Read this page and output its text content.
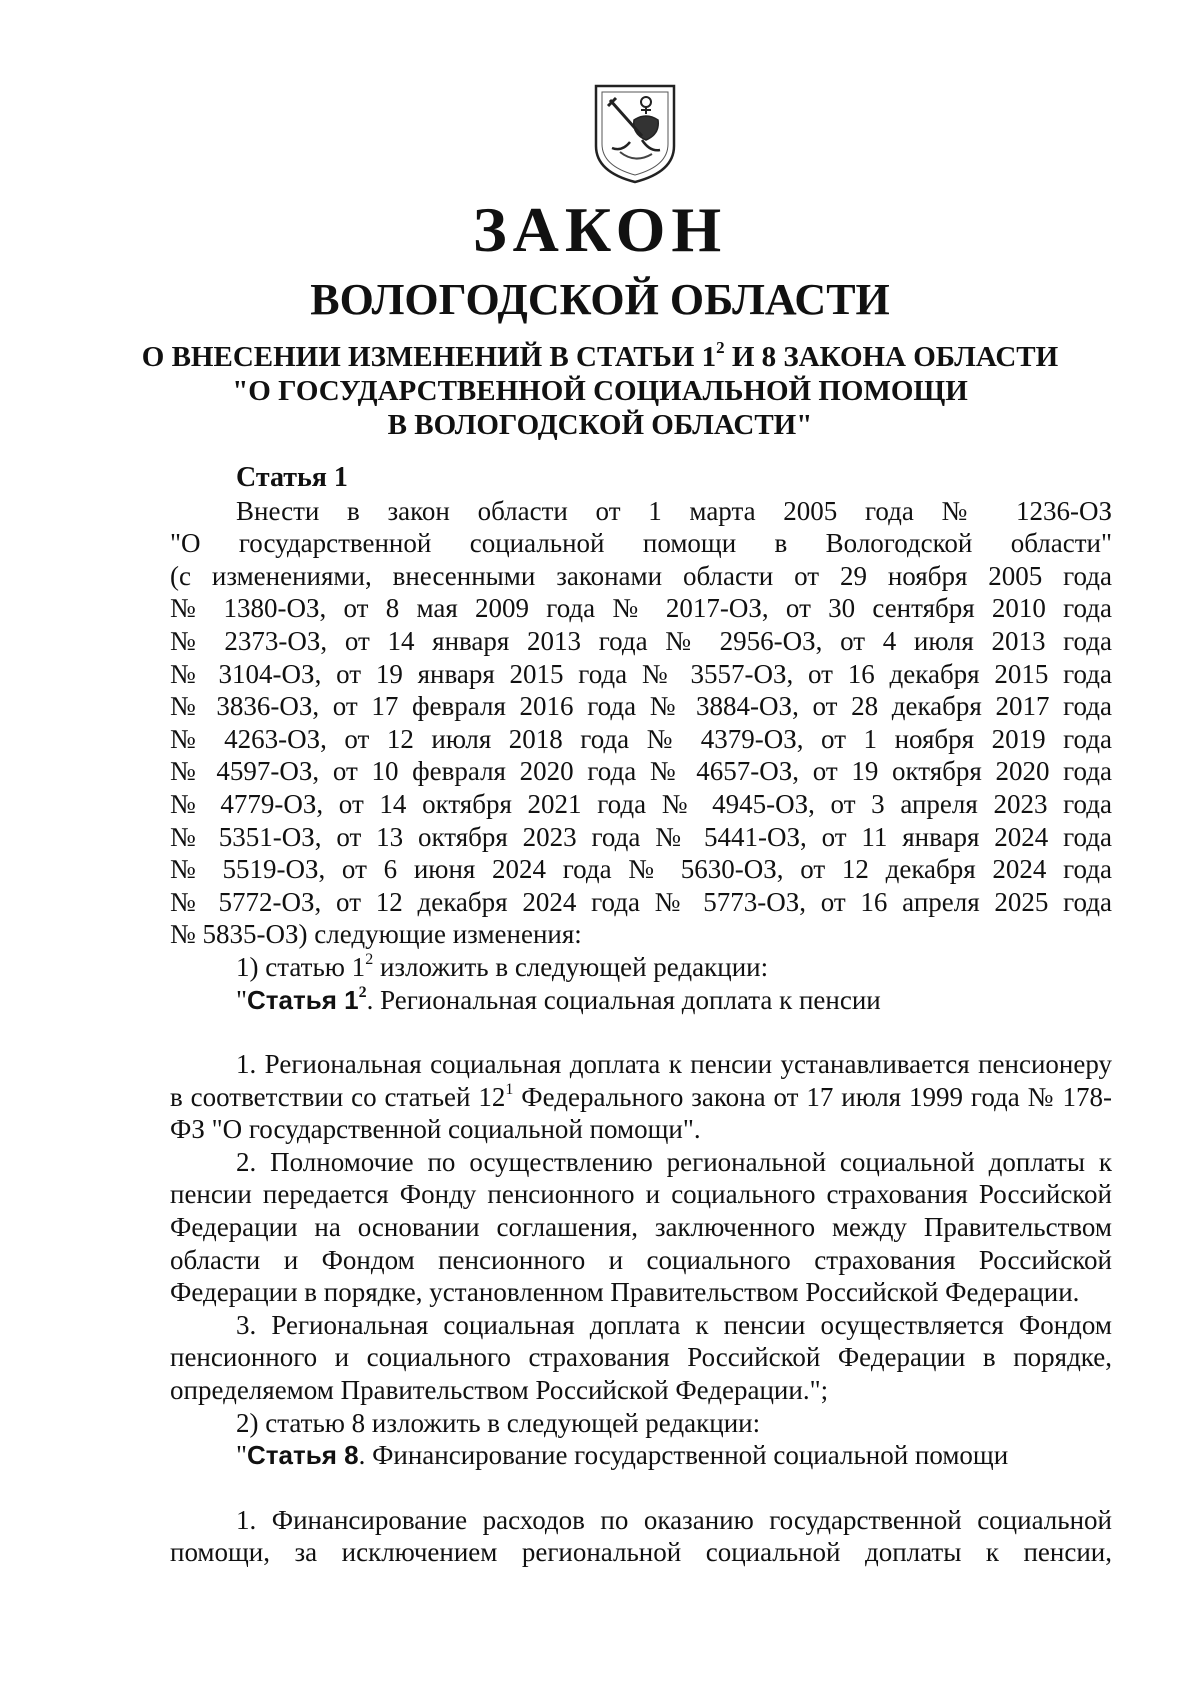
ЗАКОН
ВОЛОГОДСКОЙ ОБЛАСТИ
О ВНЕСЕНИИ ИЗМЕНЕНИЙ В СТАТЬИ $1^2$ И 8 ЗАКОНА ОБЛАСТИ
"О ГОСУДАРСТВЕННОЙ СОЦИАЛЬНОЙ ПОМОЩИ
В ВОЛОГОДСКОЙ ОБЛАСТИ"

Статья 1

Внести в закон области от 1 марта 2005 года № 1236-ОЗ

"О государственной социальной помощи в Вологодской области"

(с изменениями, внесенными законами области от 29 ноября 2005 года

№ 1380-ОЗ, от 8 мая 2009 года № 2017-ОЗ, от 30 сентября 2010 года

№ 2373-ОЗ, от 14 января 2013 года № 2956-ОЗ, от 4 июля 2013 года

№ 3104-ОЗ, от 19 января 2015 года № 3557-ОЗ, от 16 декабря 2015 года

№ 3836-ОЗ, от 17 февраля 2016 года № 3884-ОЗ, от 28 декабря 2017 года

№ 4263-ОЗ, от 12 июля 2018 года № 4379-ОЗ, от 1 ноября 2019 года

№ 4597-ОЗ, от 10 февраля 2020 года № 4657-ОЗ, от 19 октября 2020 года

№ 4779-ОЗ, от 14 октября 2021 года № 4945-ОЗ, от 3 апреля 2023 года

№ 5351-ОЗ, от 13 октября 2023 года № 5441-ОЗ, от 11 января 2024 года

№ 5519-ОЗ, от 6 июня 2024 года № 5630-ОЗ, от 12 декабря 2024 года

№ 5772-ОЗ, от 12 декабря 2024 года № 5773-ОЗ, от 16 апреля 2025 года

№ 5835-ОЗ) следующие изменения:

1) статью $1^2$ изложить в следующей редакции:

"Статья $1^2$. Региональная социальная доплата к пенсии

1. Региональная социальная доплата к пенсии устанавливается пенсионеру в соответствии со статьей $12^1$ Федерального закона от 17 июля 1999 года № 178-ФЗ "О государственной социальной помощи".

2. Полномочие по осуществлению региональной социальной доплаты к пенсии передается Фонду пенсионного и социального страхования Российской Федерации на основании соглашения, заключенного между Правительством области и Фондом пенсионного и социального страхования Российской Федерации в порядке, установленном Правительством Российской Федерации.

3. Региональная социальная доплата к пенсии осуществляется Фондом пенсионного и социального страхования Российской Федерации в порядке, определяемом Правительством Российской Федерации.";

2) статью 8 изложить в следующей редакции:

"Статья 8. Финансирование государственной социальной помощи

1. Финансирование расходов по оказанию государственной социальной помощи, за исключением региональной социальной доплаты к пенсии,
